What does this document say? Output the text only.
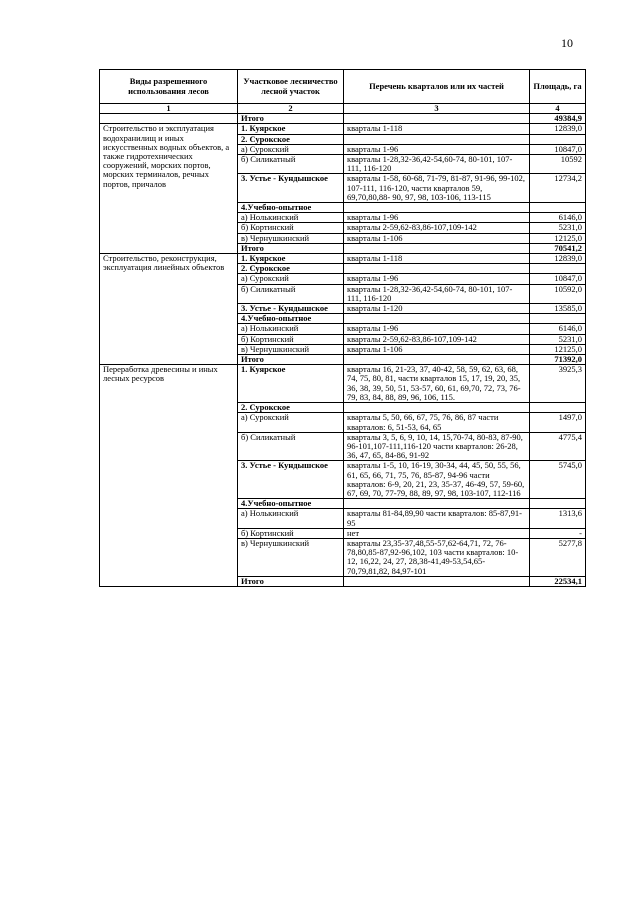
10
Виды разрешенного использования лесов	Участковое лесничество лесной участок	Перечень кварталов или их частей	Площадь, га
1	2	3	4
	Итого		49384,9
Строительство и эксплуатация водохранилищ и иных искусственных водных объектов, а также гидротехнических сооружений, морских портов, морских терминалов, речных портов, причалов	1. Куярское	кварталы 1-118	12839,0
	2. Сурокское		
	а) Сурокский	кварталы 1-96	10847,0
	б) Силикатный	кварталы 1-28,32-36,42-54,60-74, 80-101, 107-111, 116-120	10592
	3. Устье - Кундышское	кварталы 1-58, 60-68, 71-79, 81-87, 91-96, 99-102, 107-111, 116-120, части кварталов 59, 69,70,80,88- 90, 97, 98, 103-106, 113-115	12734,2
	4.Учебно-опытное		
	а) Нолькинский	кварталы 1-96	6146,0
	б) Кортинский	кварталы 2-59,62-83,86-107,109-142	5231,0
	в) Чернушкинский	кварталы 1-106	12125,0
	Итого		70541,2
Строительство, реконструкция, эксплуатация линейных объектов	1. Куярское	кварталы 1-118	12839,0
	2. Сурокское		
	а) Сурокский	кварталы 1-96	10847,0
	б) Силикатный	кварталы 1-28,32-36,42-54,60-74, 80-101, 107-111, 116-120	10592,0
	3. Устье - Кундышское	кварталы 1-120	13585,0
	4.Учебно-опытное		
	а) Нолькинский	кварталы 1-96	6146,0
	б) Кортинский	кварталы 2-59,62-83,86-107,109-142	5231,0
	в) Чернушкинский	кварталы 1-106	12125,0
	Итого		71392,0
Переработка древесины и иных лесных ресурсов	1. Куярское	кварталы 16, 21-23, 37, 40-42, 58, 59, 62, 63, 68, 74, 75, 80, 81, части кварталов 15, 17, 19, 20, 35, 36, 38, 39, 50, 51, 53-57, 60, 61, 69,70, 72, 73, 76-79, 83, 84, 88, 89, 96, 106, 115.	3925,3
	2. Сурокское		
	а) Сурокский	кварталы 5, 50, 66, 67, 75, 76, 86, 87 части кварталов: 6, 51-53, 64, 65	1497,0
	б) Силикатный	кварталы 3, 5, 6, 9, 10, 14, 15,70-74, 80-83, 87-90, 96-101,107-111,116-120 части кварталов: 26-28, 36, 47, 65, 84-86, 91-92	4775,4
	3. Устье - Кундышское	кварталы 1-5, 10, 16-19, 30-34, 44, 45, 50, 55, 56, 61, 65, 66, 71, 75, 76, 85-87, 94-96 части кварталов: 6-9, 20, 21, 23, 35-37, 46-49, 57, 59-60, 67, 69, 70, 77-79, 88, 89, 97, 98, 103-107, 112-116	5745,0
	4.Учебно-опытное		
	а) Нолькинский	кварталы 81-84,89,90 части кварталов: 85-87,91-95	1313,6
	б) Кортинский	нет	-
	в) Чернушкинский	кварталы 23,35-37,48,55-57,62-64,71, 72, 76-78,80,85-87,92-96,102, 103 части кварталов: 10-12, 16,22, 24, 27, 28,38-41,49-53,54,65-70,79,81,82, 84,97-101	5277,8
	Итого		22534,1
